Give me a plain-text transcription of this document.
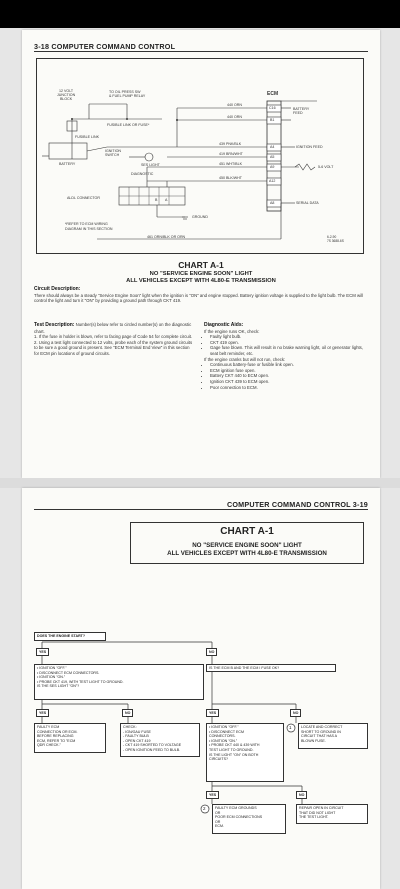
3-18 COMPUTER COMMAND CONTROL
ECM
12 VOLT
JUNCTION
BLOCK
TO OIL PRESS SW
& FUEL PUMP RELAY
FUSIBLE LINK OR FUSE*
FUSIBLE LINK
IGNITION
SWITCH
BATTERY	SES LIGHT
DIAGNOSTIC
ALDL CONNECTOR	B A
*REFER TO ECM WIRING
DIAGRAM IN THIS SECTION
GROUND
440 ORN
440 ORN
439 PNK/BLK
419 BRN/WHT
451 WHT/BLK
450 BLK/WHT
C16
B1
A4
A5
A9
A12
A8
BATTERY
FEED
IGNITION FEED
5-6 VOLT
SERIAL DATA
461 ORN/BLK OR ORN	6-2-90
7S 3688-6S
CHART A-1
NO "SERVICE ENGINE SOON" LIGHT
ALL VEHICLES EXCEPT WITH 4L80-E TRANSMISSION
Circuit Description:
There should always be a steady "Service Engine Soon" light when the ignition is "ON" and engine stopped. Battery ignition voltage is supplied to the light bulb. The ECM will control the light and turn it "ON" by providing a ground path through CKT 419.
Test Description: Number(s) below refer to circled number(s) on the diagnostic chart.
1. If the fuse in holder is blown, refer to facing page of Code 54 for complete circuit.
2. Using a test light connected to 12 volts, probe each of the system ground circuits to be sure a good ground is present. See "ECM Terminal End View" in this section for ECM pin locations of ground circuits.
Diagnostic Aids:
If the engine runs OK, check:
• Faulty light bulb.
• CKT 419 open.
• Gage fuse blown. This will result in no brake warning light, oil or generator lights, seat belt reminder, etc.
If the engine cranks but will not run, check:
• Continuous battery-fuse or fusible link open.
• ECM ignition fuse open.
• Battery CKT 440 to ECM open.
• Ignition CKT 439 to ECM open.
• Poor connection to ECM.
COMPUTER COMMAND CONTROL 3-19
CHART A-1
NO "SERVICE ENGINE SOON" LIGHT
ALL VEHICLES EXCEPT WITH 4L80-E TRANSMISSION
1
2
DOES THE ENGINE START?
YES	NO
• IGNITION "OFF."
• DISCONNECT ECM CONNECTORS.
• IGNITION "ON."
• PROBE CKT 419, WITH TEST LIGHT TO GROUND.
IS THE SES LIGHT "ON"?
IS THE ECM B AND THE ECM I FUSE OK?
YES	NO	YES	NO
FAULTY ECM
CONNECTION OR ECM.
BEFORE REPLACING
ECM, REFER TO "ECM
QDR CHECK."
CHECK:
- IGN/GAU FUSE
- FAULTY BULB
- OPEN CKT 419
- CKT 419 SHORTED TO VOLTAGE
- OPEN IGNITION FEED TO BULB.
• IGNITION "OFF."
• DISCONNECT ECM
CONNECTORS.
• IGNITION "ON."
• PROBE CKT 440 & 439 WITH
TEST LIGHT TO GROUND.
IS THE LIGHT "ON" ON BOTH
CIRCUITS?
LOCATE AND CORRECT
SHORT TO GROUND IN
CIRCUIT THAT HAS A
BLOWN FUSE.
YES	NO
FAULTY ECM GROUNDS
OR
POOR ECM CONNECTIONS
OR
ECM.
REPAIR OPEN IN CIRCUIT
THAT DID NOT LIGHT
THE TEST LIGHT.
